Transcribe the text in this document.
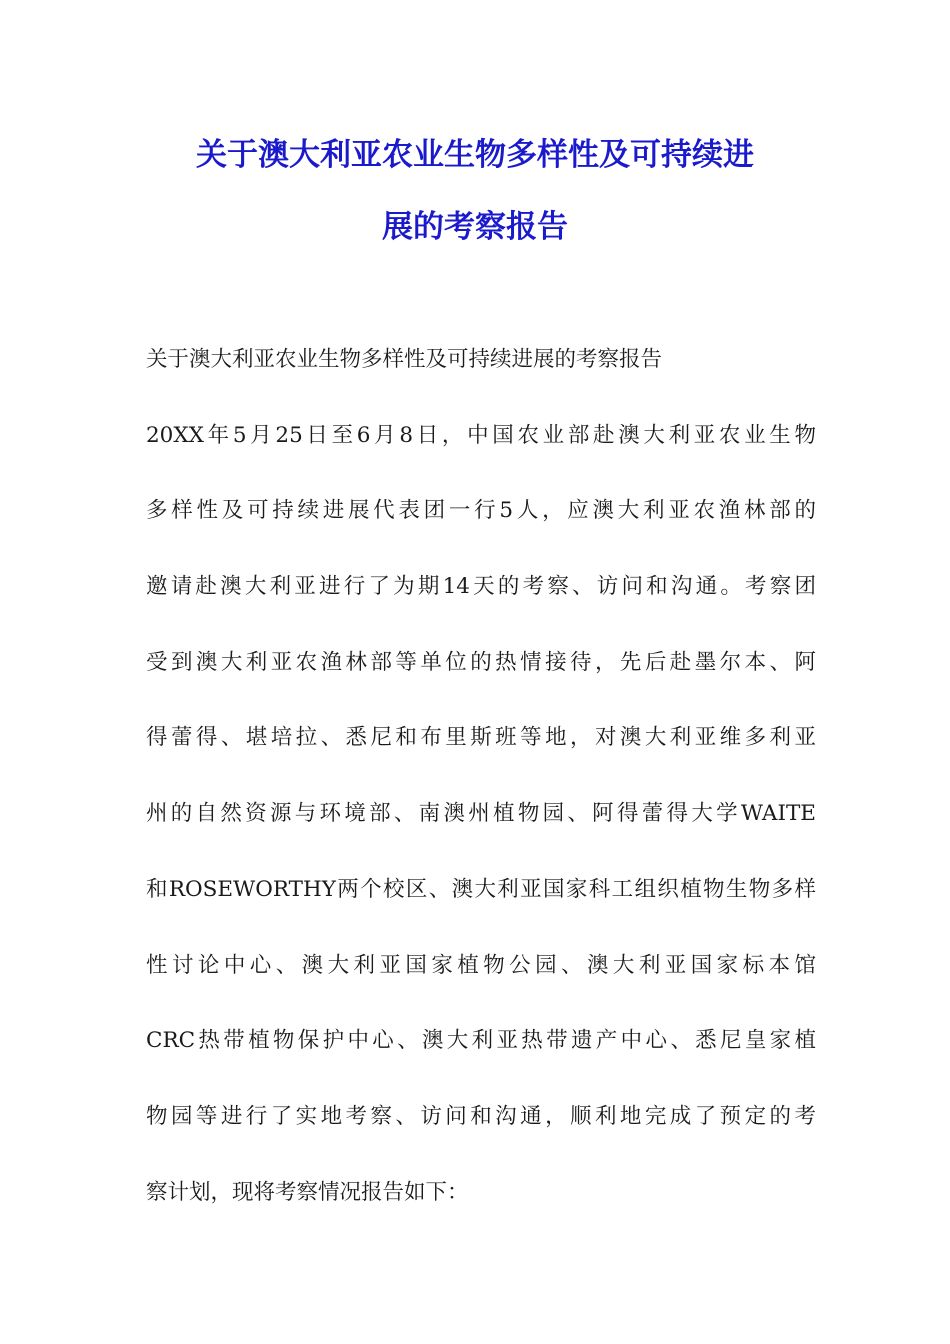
关于澳大利亚农业生物多样性及可持续进
展的考察报告
关于澳大利亚农业生物多样性及可持续进展的考察报告
20XX年5月25日至6月8日，中国农业部赴澳大利亚农业生物
多样性及可持续进展代表团一行5人，应澳大利亚农渔林部的
邀请赴澳大利亚进行了为期14天的考察、访问和沟通。考察团
受到澳大利亚农渔林部等单位的热情接待，先后赴墨尔本、阿
得蕾得、堪培拉、悉尼和布里斯班等地，对澳大利亚维多利亚
州的自然资源与环境部、南澳州植物园、阿得蕾得大学WAITE
和ROSEWORTHY两个校区、澳大利亚国家科工组织植物生物多样
性讨论中心、澳大利亚国家植物公园、澳大利亚国家标本馆
CRC热带植物保护中心、澳大利亚热带遗产中心、悉尼皇家植
物园等进行了实地考察、访问和沟通，顺利地完成了预定的考
察计划，现将考察情况报告如下：
